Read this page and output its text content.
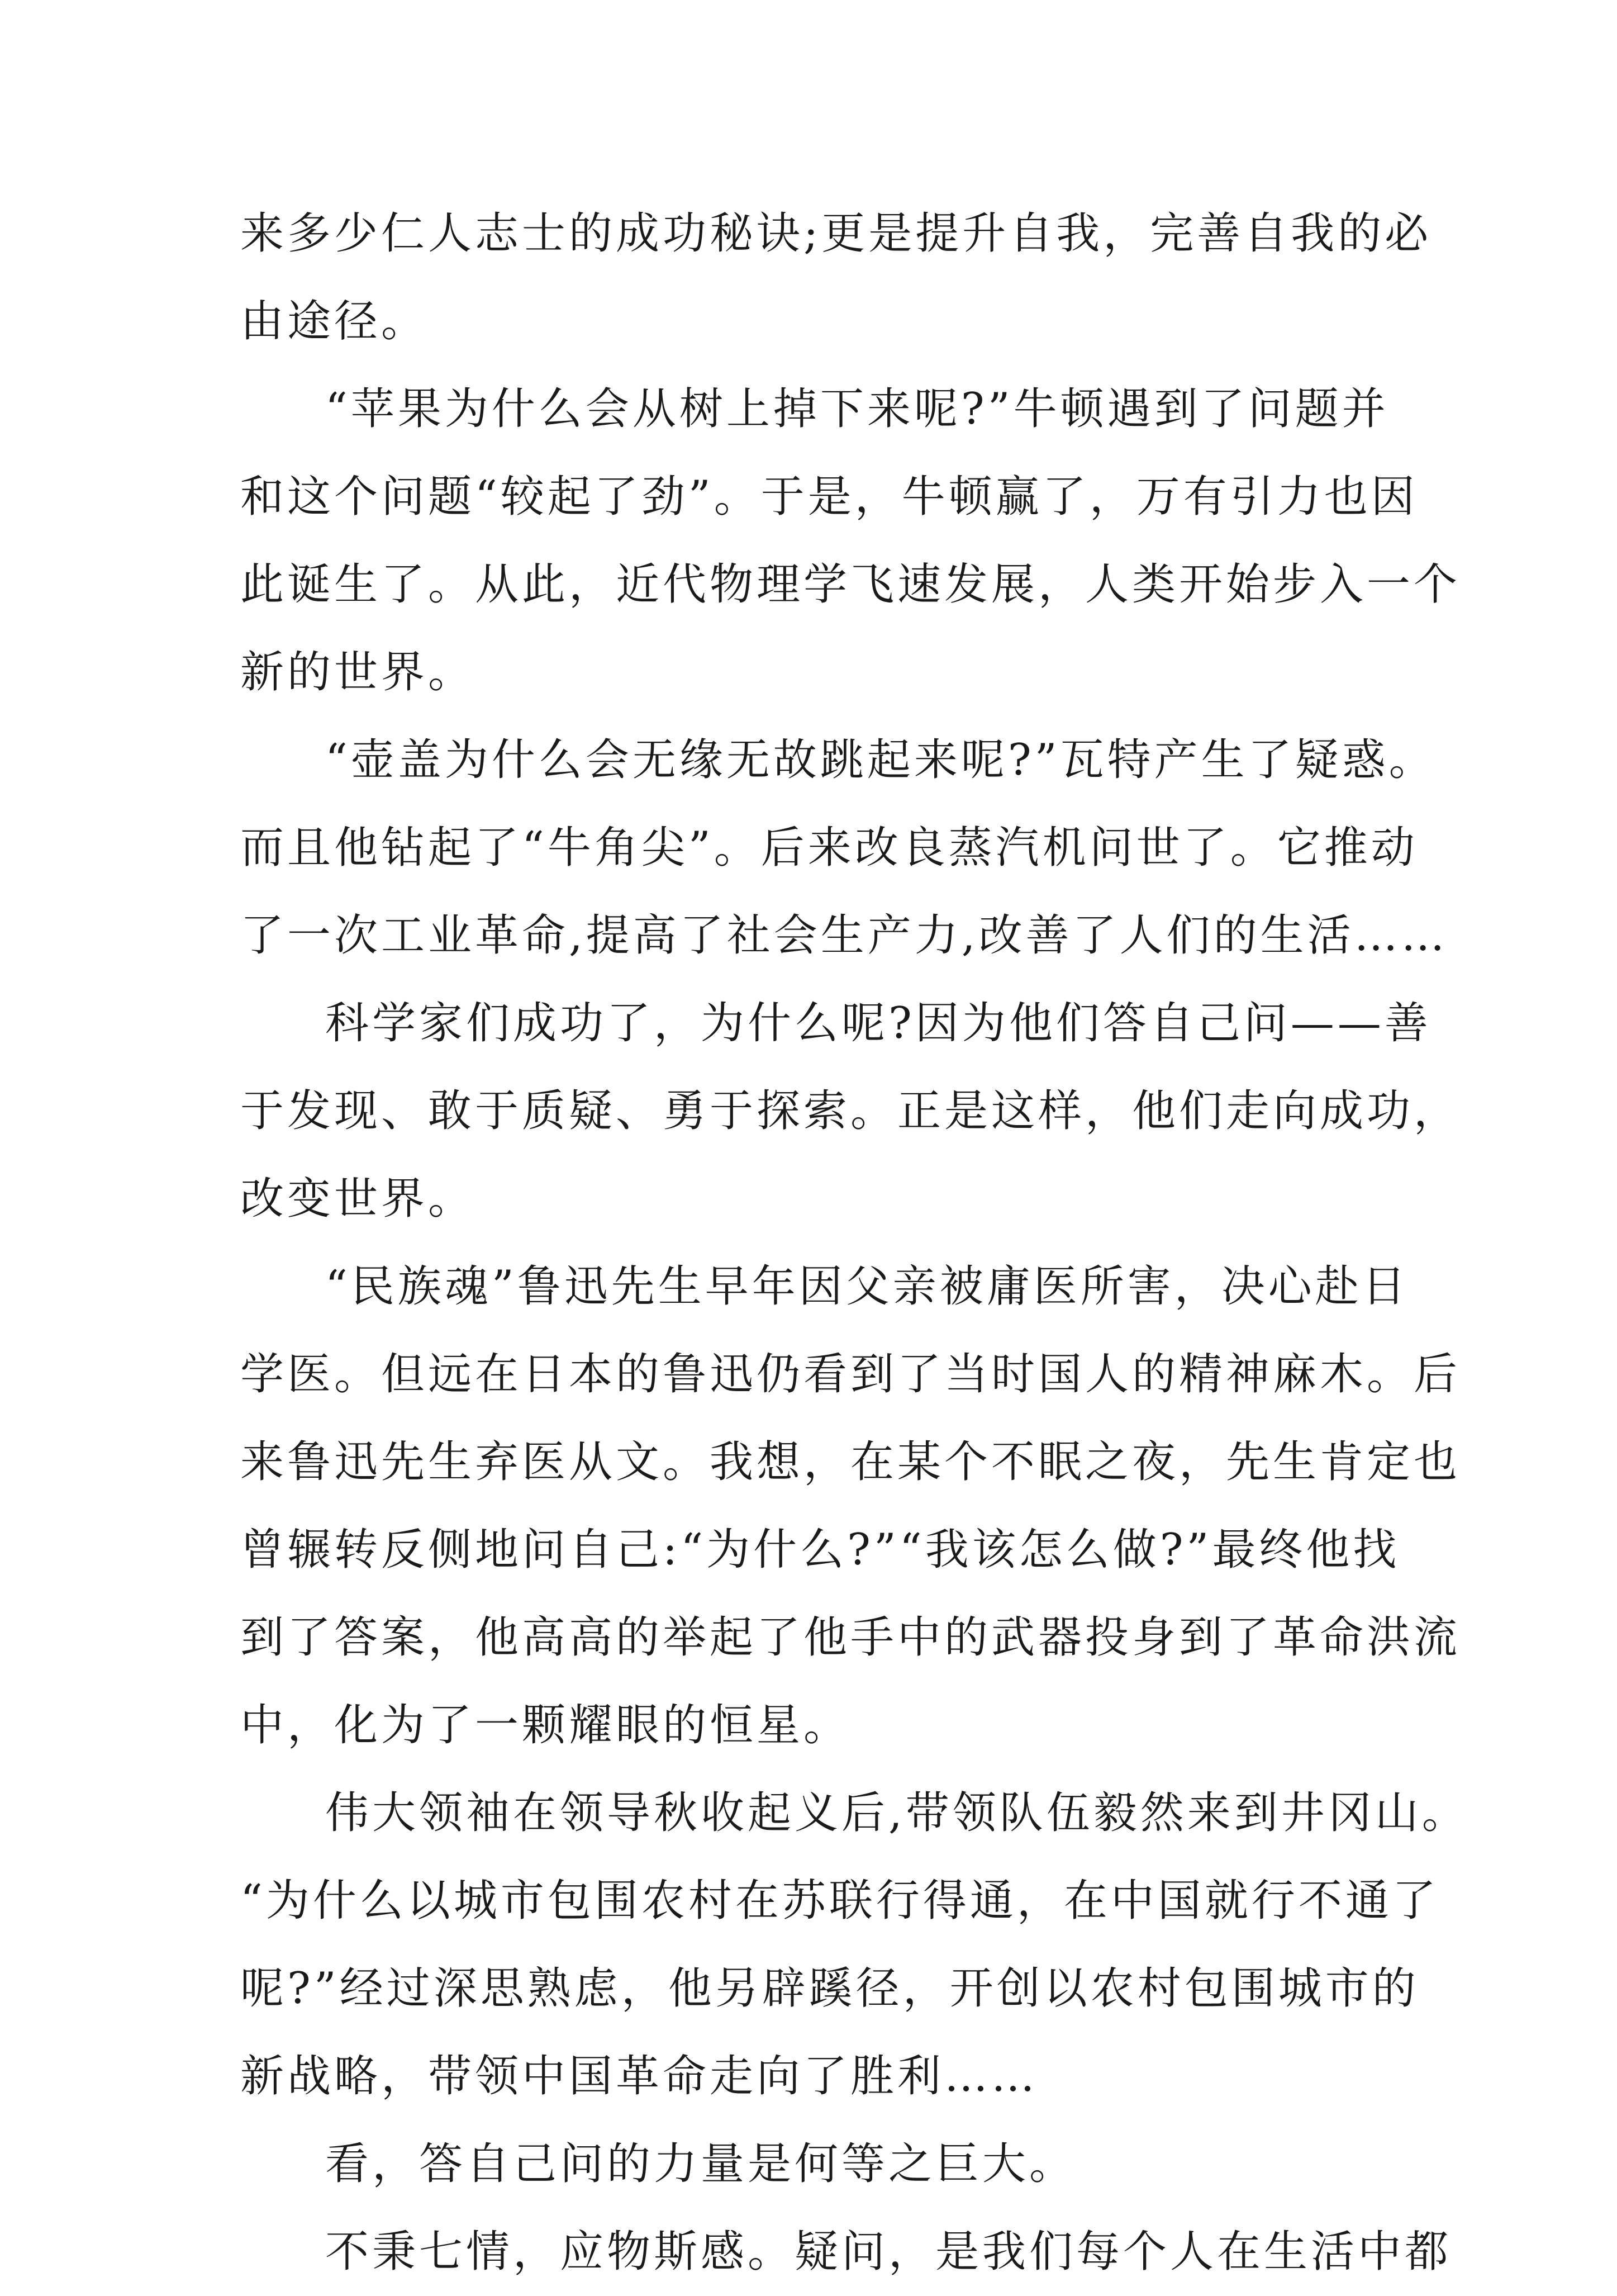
来多少仁人志士的成功秘诀;更是提升自我，完善自我的必
由途径。
“苹果为什么会从树上掉下来呢?”牛顿遇到了问题并
和这个问题“较起了劲”。于是，牛顿赢了，万有引力也因
此诞生了。从此，近代物理学飞速发展，人类开始步入一个
新的世界。
“壶盖为什么会无缘无故跳起来呢?”瓦特产生了疑惑。
而且他钻起了“牛角尖”。后来改良蒸汽机问世了。它推动
了一次工业革命,提高了社会生产力,改善了人们的生活……
科学家们成功了，为什么呢?因为他们答自己问——善
于发现、敢于质疑、勇于探索。正是这样，他们走向成功，
改变世界。
“民族魂”鲁迅先生早年因父亲被庸医所害，决心赴日
学医。但远在日本的鲁迅仍看到了当时国人的精神麻木。后
来鲁迅先生弃医从文。我想，在某个不眠之夜，先生肯定也
曾辗转反侧地问自己:“为什么?”“我该怎么做?”最终他找
到了答案，他高高的举起了他手中的武器投身到了革命洪流
中，化为了一颗耀眼的恒星。
伟大领袖在领导秋收起义后,带领队伍毅然来到井冈山。
“为什么以城市包围农村在苏联行得通，在中国就行不通了
呢?”经过深思熟虑，他另辟蹊径，开创以农村包围城市的
新战略，带领中国革命走向了胜利……
看，答自己问的力量是何等之巨大。
不秉七情，应物斯感。疑问，是我们每个人在生活中都
